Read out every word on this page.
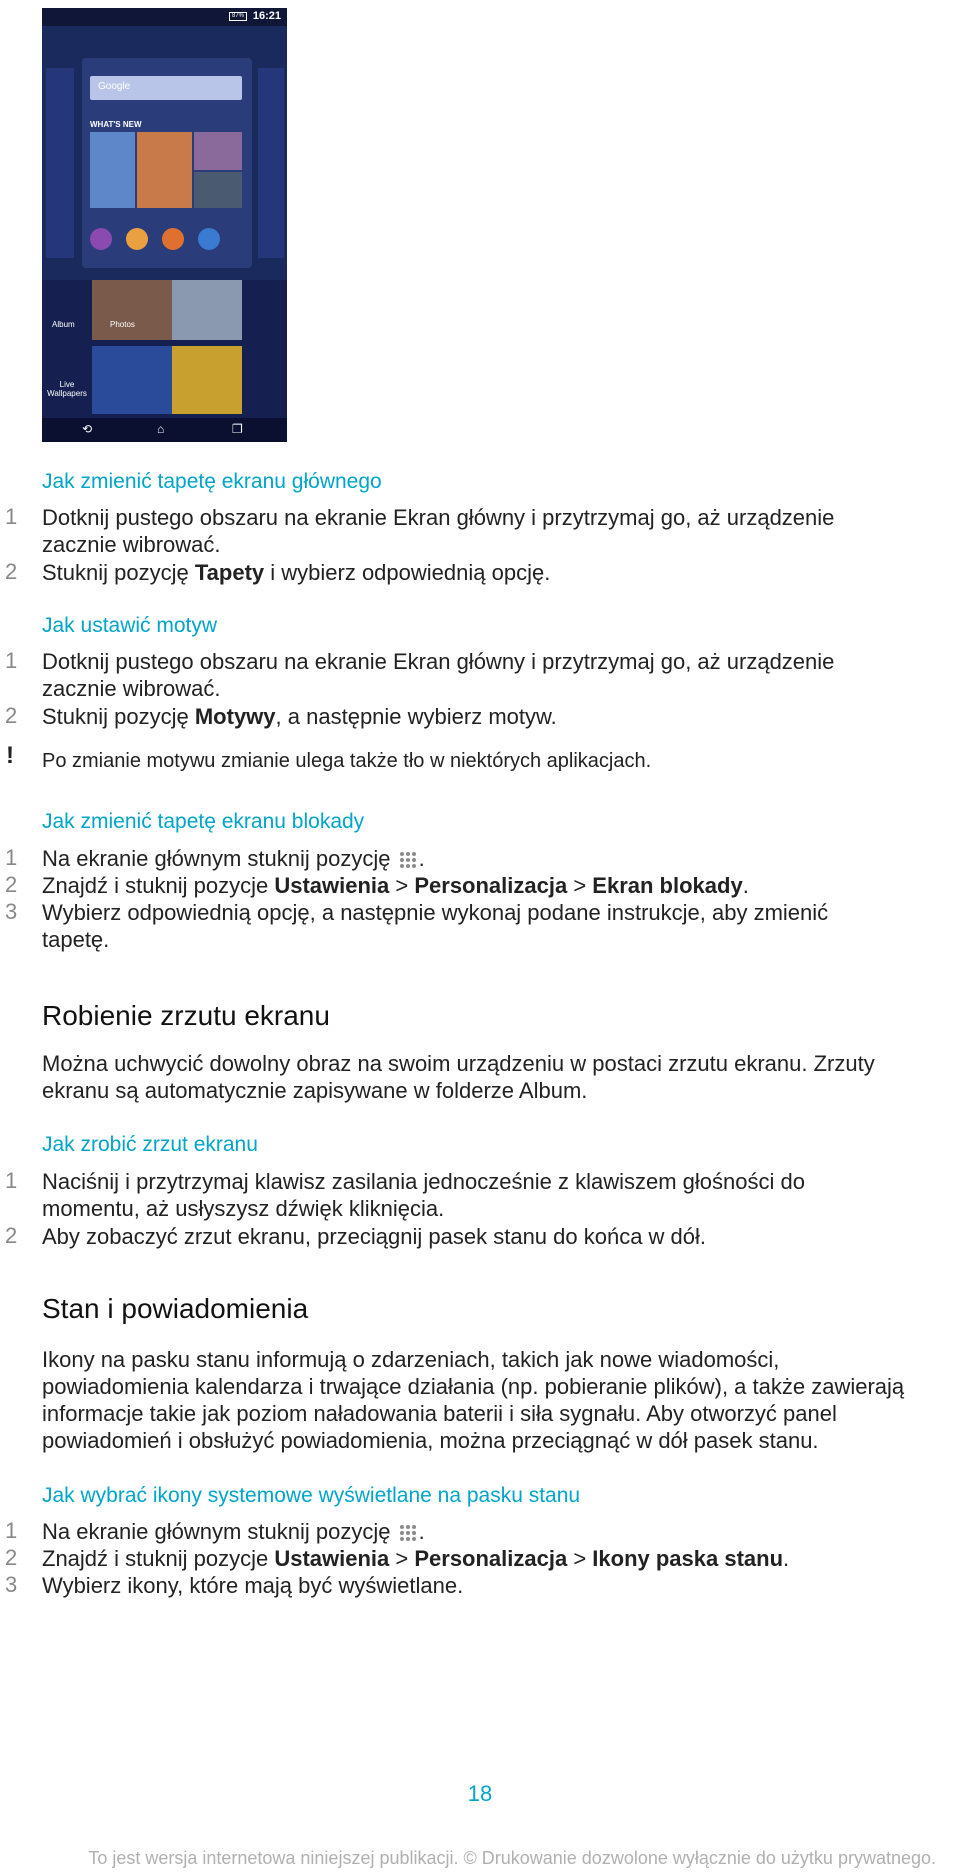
87% 16:21
Google
WHAT'S NEW
Album	Photos
Live Wallpapers
⟲	⌂	❐
Jak zmienić tapetę ekranu głównego
1 Dotknij pustego obszaru na ekranie Ekran główny i przytrzymaj go, aż urządzenie
zacznie wibrować.
2 Stuknij pozycję Tapety i wybierz odpowiednią opcję.
Jak ustawić motyw
1 Dotknij pustego obszaru na ekranie Ekran główny i przytrzymaj go, aż urządzenie
zacznie wibrować.
2 Stuknij pozycję Motywy, a następnie wybierz motyw.
! Po zmianie motywu zmianie ulega także tło w niektórych aplikacjach.
Jak zmienić tapetę ekranu blokady
1 Na ekranie głównym stuknij pozycję .
2 Znajdź i stuknij pozycje Ustawienia > Personalizacja > Ekran blokady.
3 Wybierz odpowiednią opcję, a następnie wykonaj podane instrukcje, aby zmienić
tapetę.
Robienie zrzutu ekranu
Można uchwycić dowolny obraz na swoim urządzeniu w postaci zrzutu ekranu. Zrzuty
ekranu są automatycznie zapisywane w folderze Album.
Jak zrobić zrzut ekranu
1 Naciśnij i przytrzymaj klawisz zasilania jednocześnie z klawiszem głośności do
momentu, aż usłyszysz dźwięk kliknięcia.
2 Aby zobaczyć zrzut ekranu, przeciągnij pasek stanu do końca w dół.
Stan i powiadomienia
Ikony na pasku stanu informują o zdarzeniach, takich jak nowe wiadomości,
powiadomienia kalendarza i trwające działania (np. pobieranie plików), a także zawierają
informacje takie jak poziom naładowania baterii i siła sygnału. Aby otworzyć panel
powiadomień i obsłużyć powiadomienia, można przeciągnąć w dół pasek stanu.
Jak wybrać ikony systemowe wyświetlane na pasku stanu
1 Na ekranie głównym stuknij pozycję .
2 Znajdź i stuknij pozycje Ustawienia > Personalizacja > Ikony paska stanu.
3 Wybierz ikony, które mają być wyświetlane.
18
To jest wersja internetowa niniejszej publikacji. © Drukowanie dozwolone wyłącznie do użytku prywatnego.
